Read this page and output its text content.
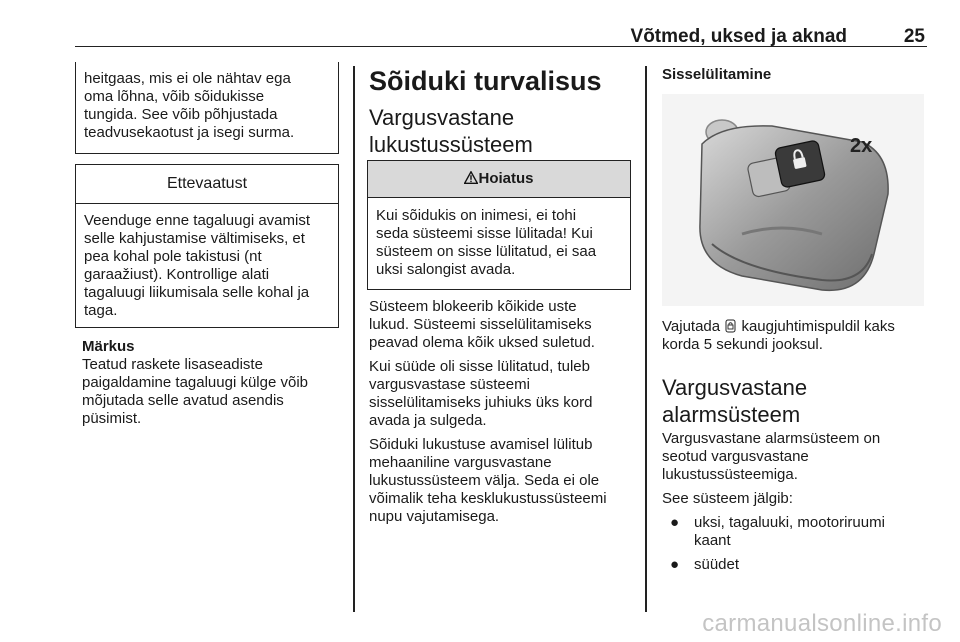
Võtmed, uksed ja aknad	25

heitgaas, mis ei ole nähtav ega

oma lõhna, võib sõidukisse

tungida. See võib põhjustada

teadvusekaotust ja isegi surma.

Ettevaatust

Veenduge enne tagaluugi avamist

selle kahjustamise vältimiseks, et

pea kohal pole takistusi (nt

garaažiust). Kontrollige alati

tagaluugi liikumisala selle kohal ja

taga.

Märkus

Teatud raskete lisaseadiste

paigaldamine tagaluugi külge võib

mõjutada selle avatud asendis

püsimist.

Sõiduki turvalisus
Vargusvastane
lukustussüsteem
Hoiatus

Kui sõidukis on inimesi, ei tohi

seda süsteemi sisse lülitada! Kui

süsteem on sisse lülitatud, ei saa

uksi salongist avada.

Süsteem blokeerib kõikide uste

lukud. Süsteemi sisselülitamiseks

peavad olema kõik uksed suletud.

Kui süüde oli sisse lülitatud, tuleb

vargusvastase süsteemi

sisselülitamiseks juhiuks üks kord

avada ja sulgeda.

Sõiduki lukustuse avamisel lülitub

mehaaniline vargusvastane

lukustussüsteem välja. Seda ei ole

võimalik teha kesklukustussüsteemi

nupu vajutamisega.

Sisselülitamine
2x

Vajutada kaugjuhtimispuldil kaks

korda 5 sekundi jooksul.

Vargusvastane
alarmsüsteem

Vargusvastane alarmsüsteem on

seotud vargusvastane

lukustussüsteemiga.

See süsteem jälgib:

● uksi, tagaluuki, mootoriruumi

kaant

● süüdet

carmanualsonline.info
